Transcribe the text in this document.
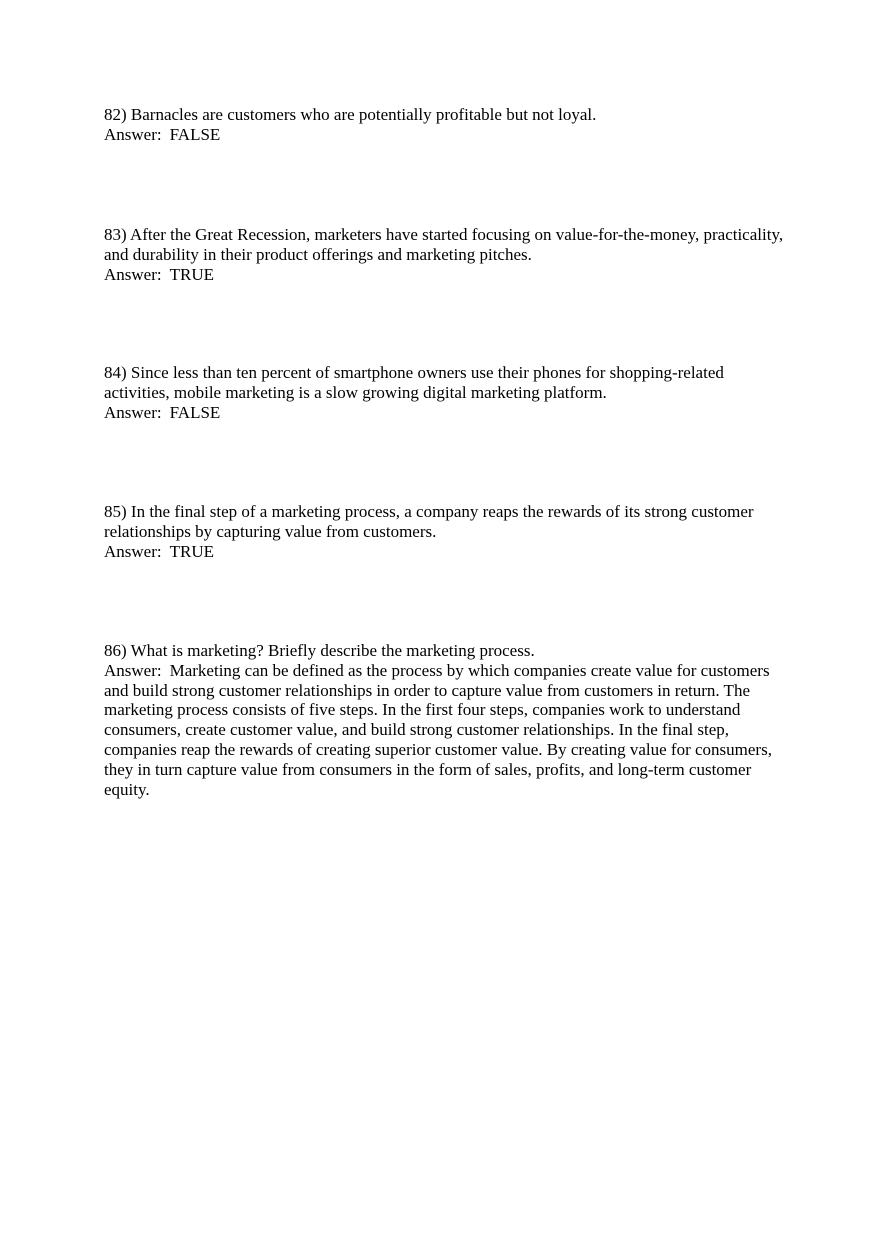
82) Barnacles are customers who are potentially profitable but not loyal.

Answer: FALSE

83) After the Great Recession, marketers have started focusing on value-for-the-money, practicality, and durability in their product offerings and marketing pitches.

Answer: TRUE

84) Since less than ten percent of smartphone owners use their phones for shopping-related activities, mobile marketing is a slow growing digital marketing platform.

Answer: FALSE

85) In the final step of a marketing process, a company reaps the rewards of its strong customer relationships by capturing value from customers.

Answer: TRUE

86) What is marketing? Briefly describe the marketing process.

Answer: Marketing can be defined as the process by which companies create value for customers and build strong customer relationships in order to capture value from customers in return. The marketing process consists of five steps. In the first four steps, companies work to understand consumers, create customer value, and build strong customer relationships. In the final step, companies reap the rewards of creating superior customer value. By creating value for consumers, they in turn capture value from consumers in the form of sales, profits, and long-term customer equity.
